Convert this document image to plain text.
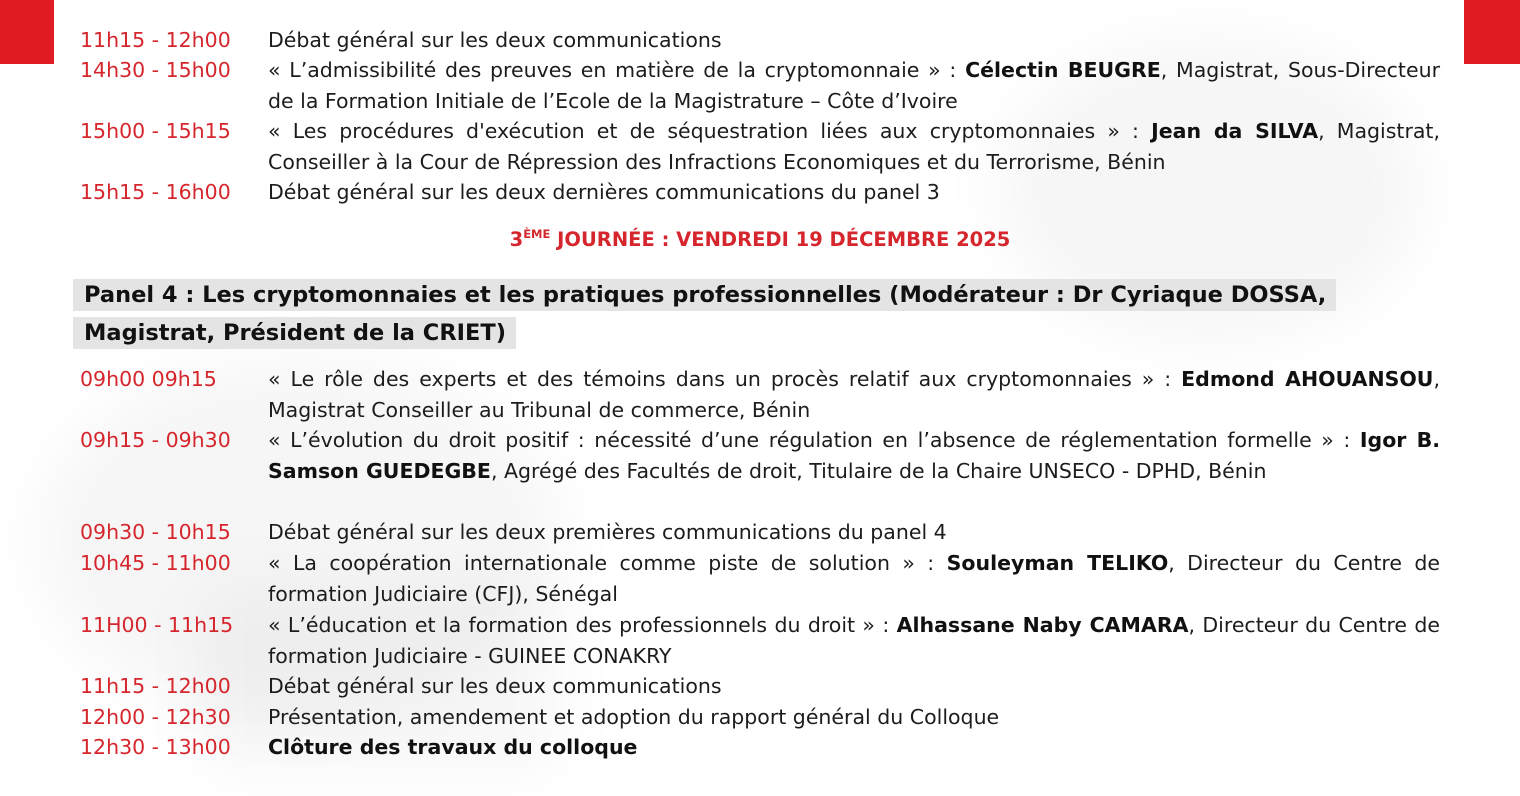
11h15 - 12h00 Débat général sur les deux communications
14h30 - 15h00 « L’admissibilité des preuves en matière de la cryptomonnaie » : Célectin BEUGRE, Magistrat, Sous-Directeur de la Formation Initiale de l’Ecole de la Magistrature – Côte d’Ivoire
15h00 - 15h15 « Les procédures d'exécution et de séquestration liées aux cryptomonnaies » : Jean da SILVA, Magistrat, Conseiller à la Cour de Répression des Infractions Economiques et du Terrorisme, Bénin
15h15 - 16h00 Débat général sur les deux dernières communications du panel 3
3ÈME JOURNÉE : VENDREDI 19 DÉCEMBRE 2025
Panel 4 : Les cryptomonnaies et les pratiques professionnelles (Modérateur : Dr Cyriaque DOSSA, Magistrat, Président de la CRIET)
09h00 09h15 « Le rôle des experts et des témoins dans un procès relatif aux cryptomonnaies » : Edmond AHOUANSOU, Magistrat Conseiller au Tribunal de commerce, Bénin
09h15 - 09h30 « L’évolution du droit positif : nécessité d’une régulation en l’absence de réglementation formelle » : Igor B. Samson GUEDEGBE, Agrégé des Facultés de droit, Titulaire de la Chaire UNSECO - DPHD, Bénin
09h30 - 10h15 Débat général sur les deux premières communications du panel 4
10h45 - 11h00 « La coopération internationale comme piste de solution » : Souleyman TELIKO, Directeur du Centre de formation Judiciaire (CFJ), Sénégal
11H00 - 11h15 « L’éducation et la formation des professionnels du droit » : Alhassane Naby CAMARA, Directeur du Centre de formation Judiciaire - GUINEE CONAKRY
11h15 - 12h00 Débat général sur les deux communications
12h00 - 12h30 Présentation, amendement et adoption du rapport général du Colloque
12h30 - 13h00 Clôture des travaux du colloque
